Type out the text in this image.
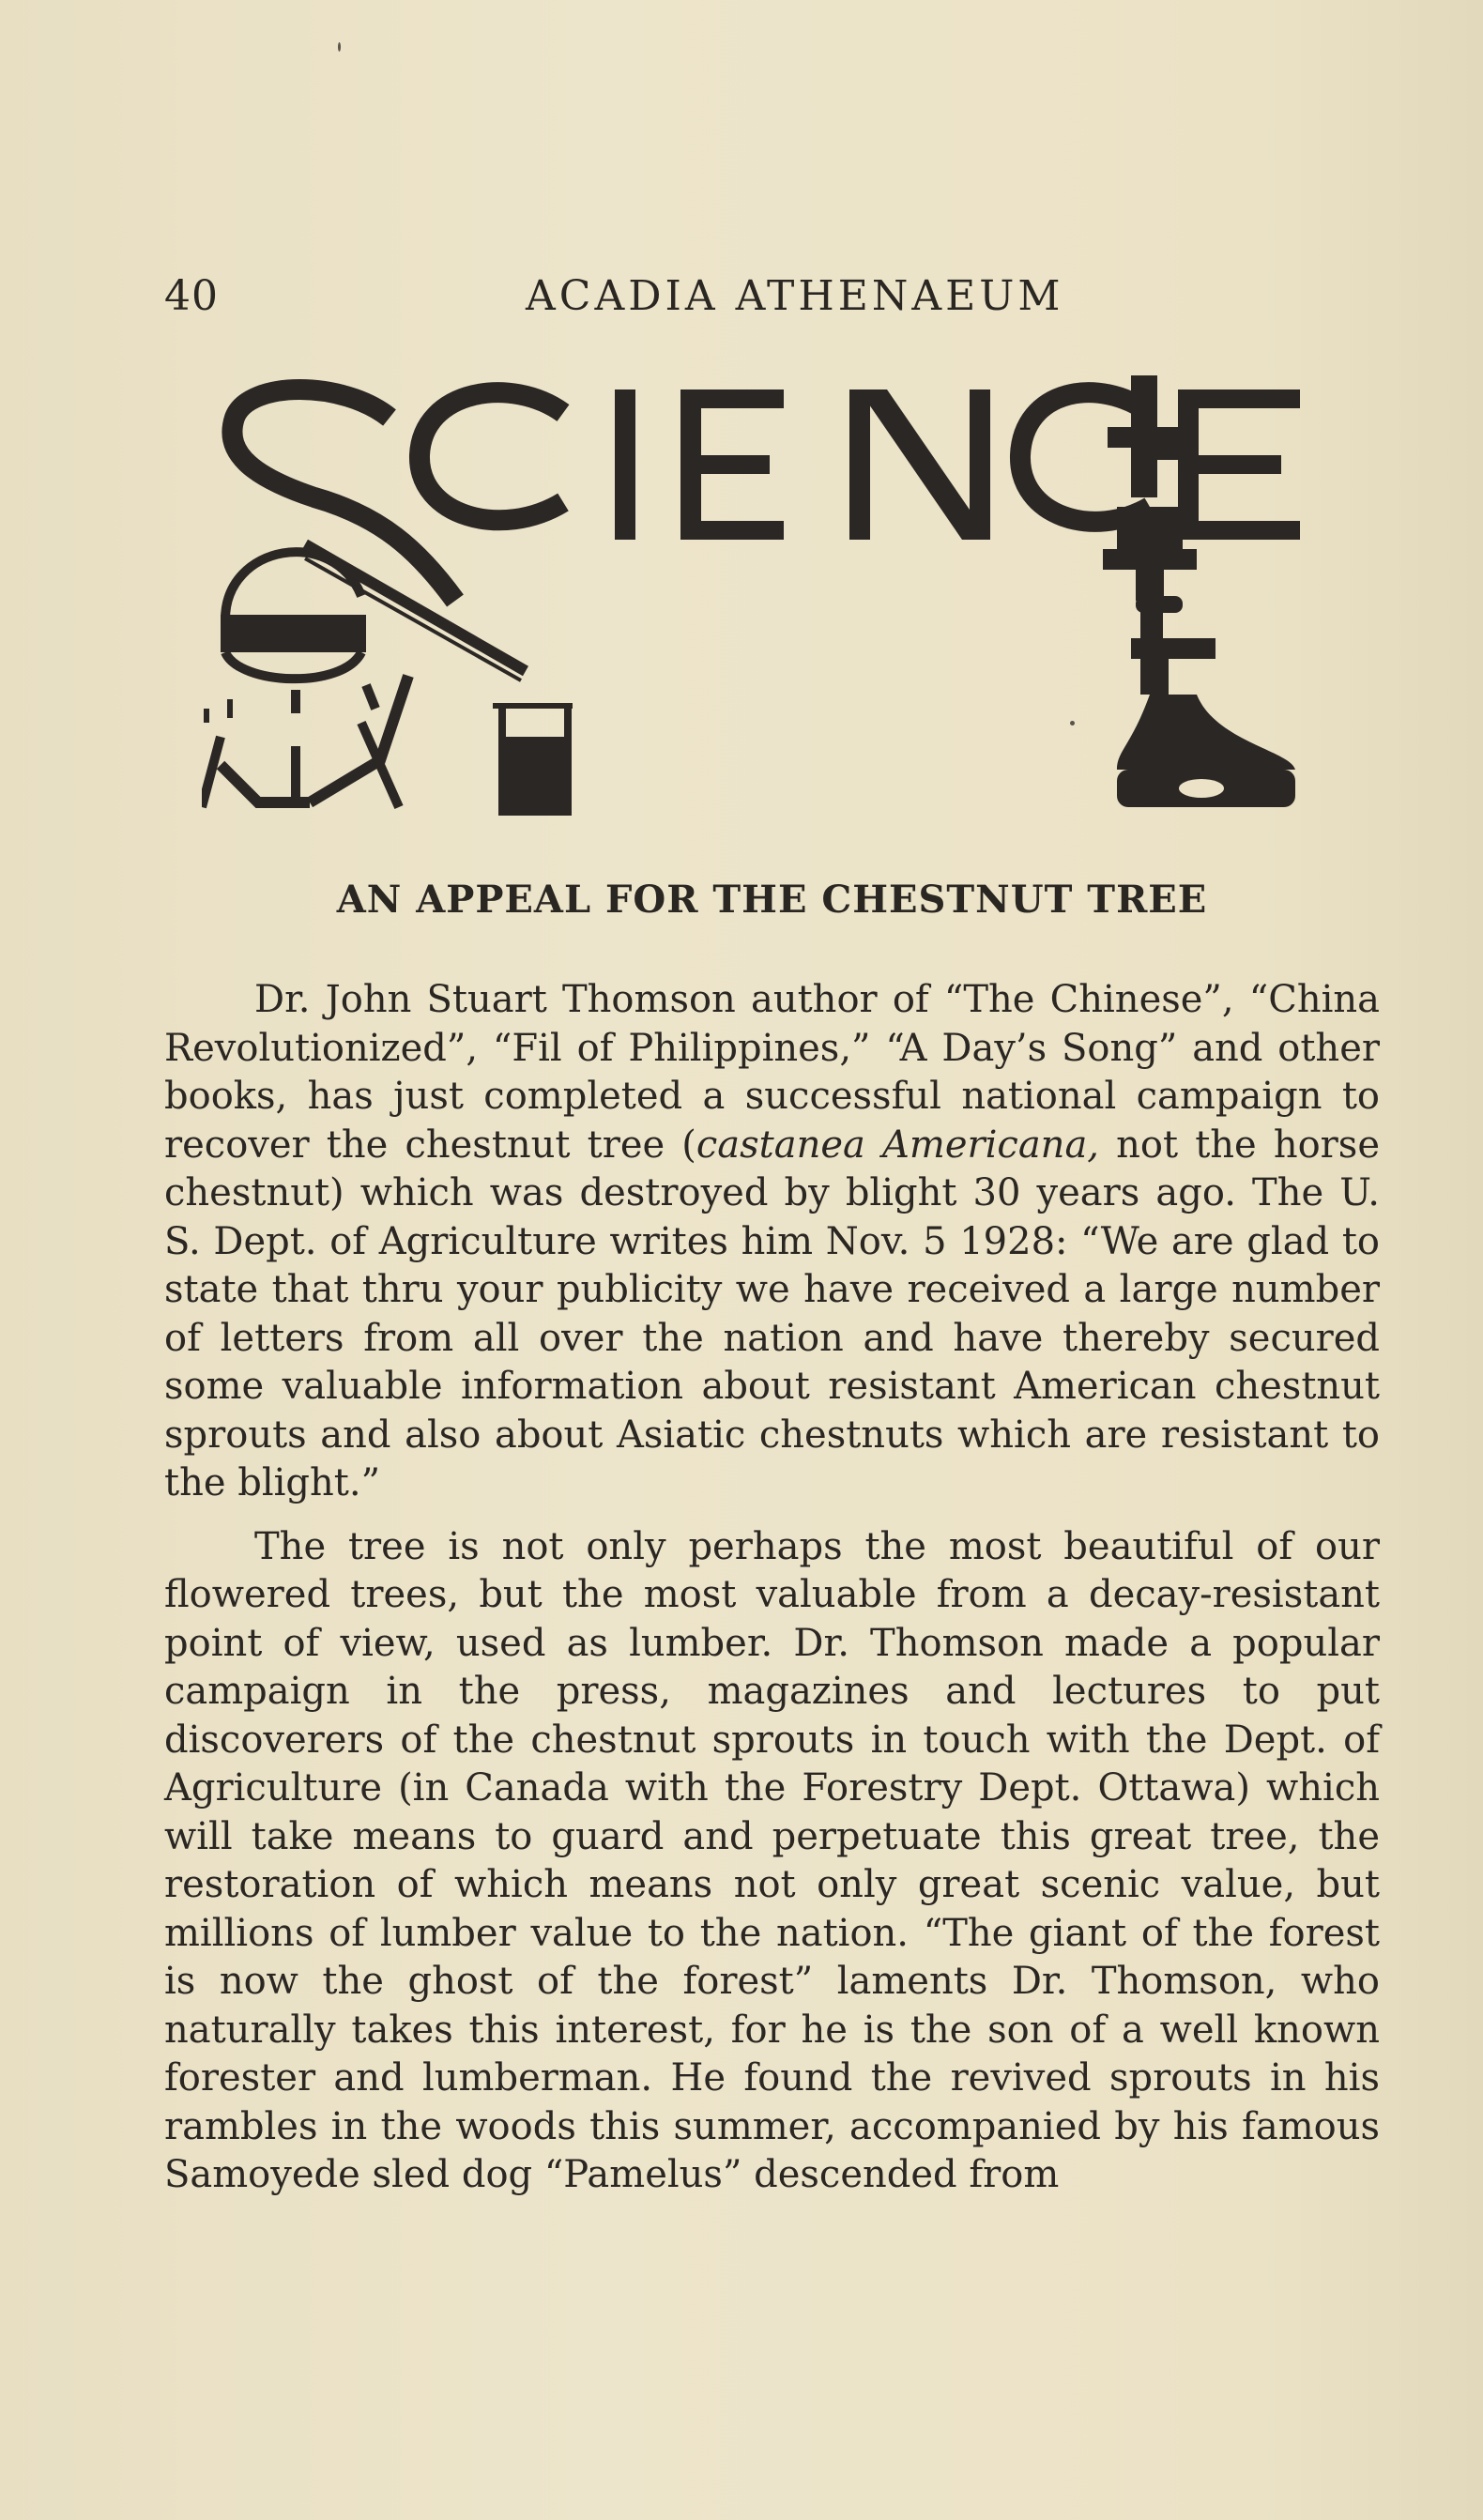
40	ACADIA ATHENAEUM
AN APPEAL FOR THE CHESTNUT TREE

Dr. John Stuart Thomson author of “The Chinese”, “China Revolutionized”, “Fil of Philippines,” “A Day’s Song” and other books, has just completed a successful national campaign to recover the chestnut tree (castanea Americana, not the horse chestnut) which was destroyed by blight 30 years ago. The U. S. Dept. of Agriculture writes him Nov. 5 1928: “We are glad to state that thru your publicity we have received a large number of letters from all over the nation and have thereby secured some valuable information about resistant American chestnut sprouts and also about Asiatic chestnuts which are resistant to the blight.”

The tree is not only perhaps the most beautiful of our flowered trees, but the most valuable from a decay-resistant point of view, used as lumber. Dr. Thomson made a popular campaign in the press, magazines and lectures to put discoverers of the chestnut sprouts in touch with the Dept. of Agriculture (in Canada with the Forestry Dept. Ottawa) which will take means to guard and perpetuate this great tree, the restoration of which means not only great scenic value, but millions of lumber value to the nation. “The giant of the forest is now the ghost of the forest” laments Dr. Thomson, who naturally takes this interest, for he is the son of a well known forester and lumberman. He found the revived sprouts in his rambles in the woods this summer, accompanied by his famous Samoyede sled dog “Pamelus” descended from
